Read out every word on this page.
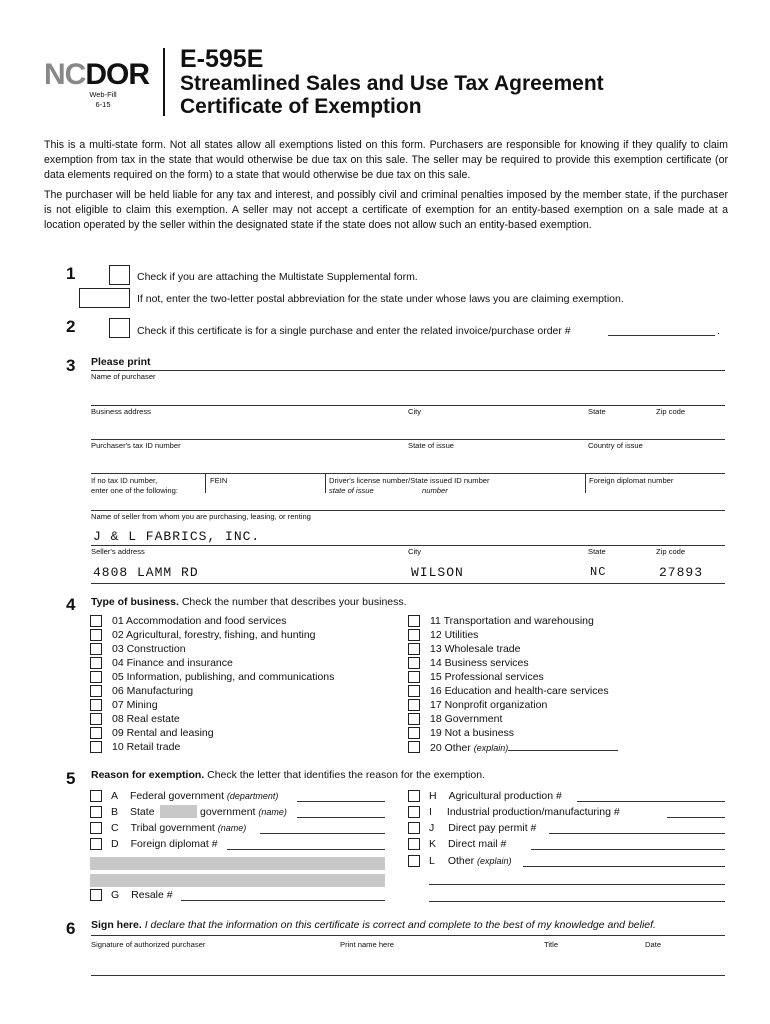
NCDOR
Web-Fill
6-15
E-595E
Streamlined Sales and Use Tax Agreement
Certificate of Exemption
This is a multi-state form. Not all states allow all exemptions listed on this form. Purchasers are responsible for knowing if they qualify to claim exemption from tax in the state that would otherwise be due tax on this sale. The seller may be required to provide this exemption certificate (or data elements required on the form) to a state that would otherwise be due tax on this sale.
The purchaser will be held liable for any tax and interest, and possibly civil and criminal penalties imposed by the member state, if the purchaser is not eligible to claim this exemption. A seller may not accept a certificate of exemption for an entity-based exemption on a sale made at a location operated by the seller within the designated state if the state does not allow such an entity-based exemption.
1	Check if you are attaching the Multistate Supplemental form.
If not, enter the two-letter postal abbreviation for the state under whose laws you are claiming exemption.
2	Check if this certificate is for a single purchase and enter the related invoice/purchase order #	.
3 Please print
Name of purchaser
Business address	City	State	Zip code
Purchaser's tax ID number	State of issue	Country of issue
If no tax ID number,
enter one of the following:
FEIN	Driver's license number/State issued ID number
state of issue	number
Foreign diplomat number
Name of seller from whom you are purchasing, leasing, or renting
J & L FABRICS, INC.
Seller's address	City	State	Zip code
4808 LAMM RD	WILSON	NC	27893
4 Type of business. Check the number that describes your business.
01 Accommodation and food services
02 Agricultural, forestry, fishing, and hunting
03 Construction
04 Finance and insurance
05 Information, publishing, and communications
06 Manufacturing
07 Mining
08 Real estate
09 Rental and leasing
10 Retail trade
11 Transportation and warehousing
12 Utilities
13 Wholesale trade
14 Business services
15 Professional services
16 Education and health-care services
17 Nonprofit organization
18 Government
19 Not a business
20 Other (explain)
5 Reason for exemption. Check the letter that identifies the reason for the exemption.
A Federal government (department)
B State	government (name)
C Tribal government (name)
D Foreign diplomat #
G Resale #
H Agricultural production #
I Industrial production/manufacturing #
J Direct pay permit #
K Direct mail #
L Other (explain)
6 Sign here. I declare that the information on this certificate is correct and complete to the best of my knowledge and belief.
Signature of authorized purchaser	Print name here	Title	Date
